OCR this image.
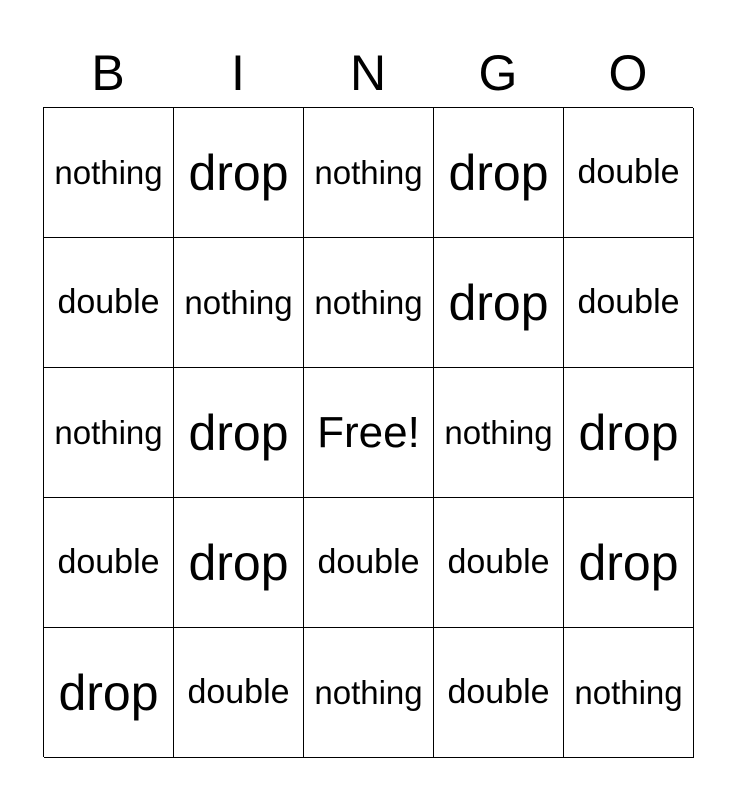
B	I	N	G	O
nothing drop nothing drop double
double nothing nothing drop double
nothing drop Free! nothing drop
double drop double double drop
drop double nothing double nothing
